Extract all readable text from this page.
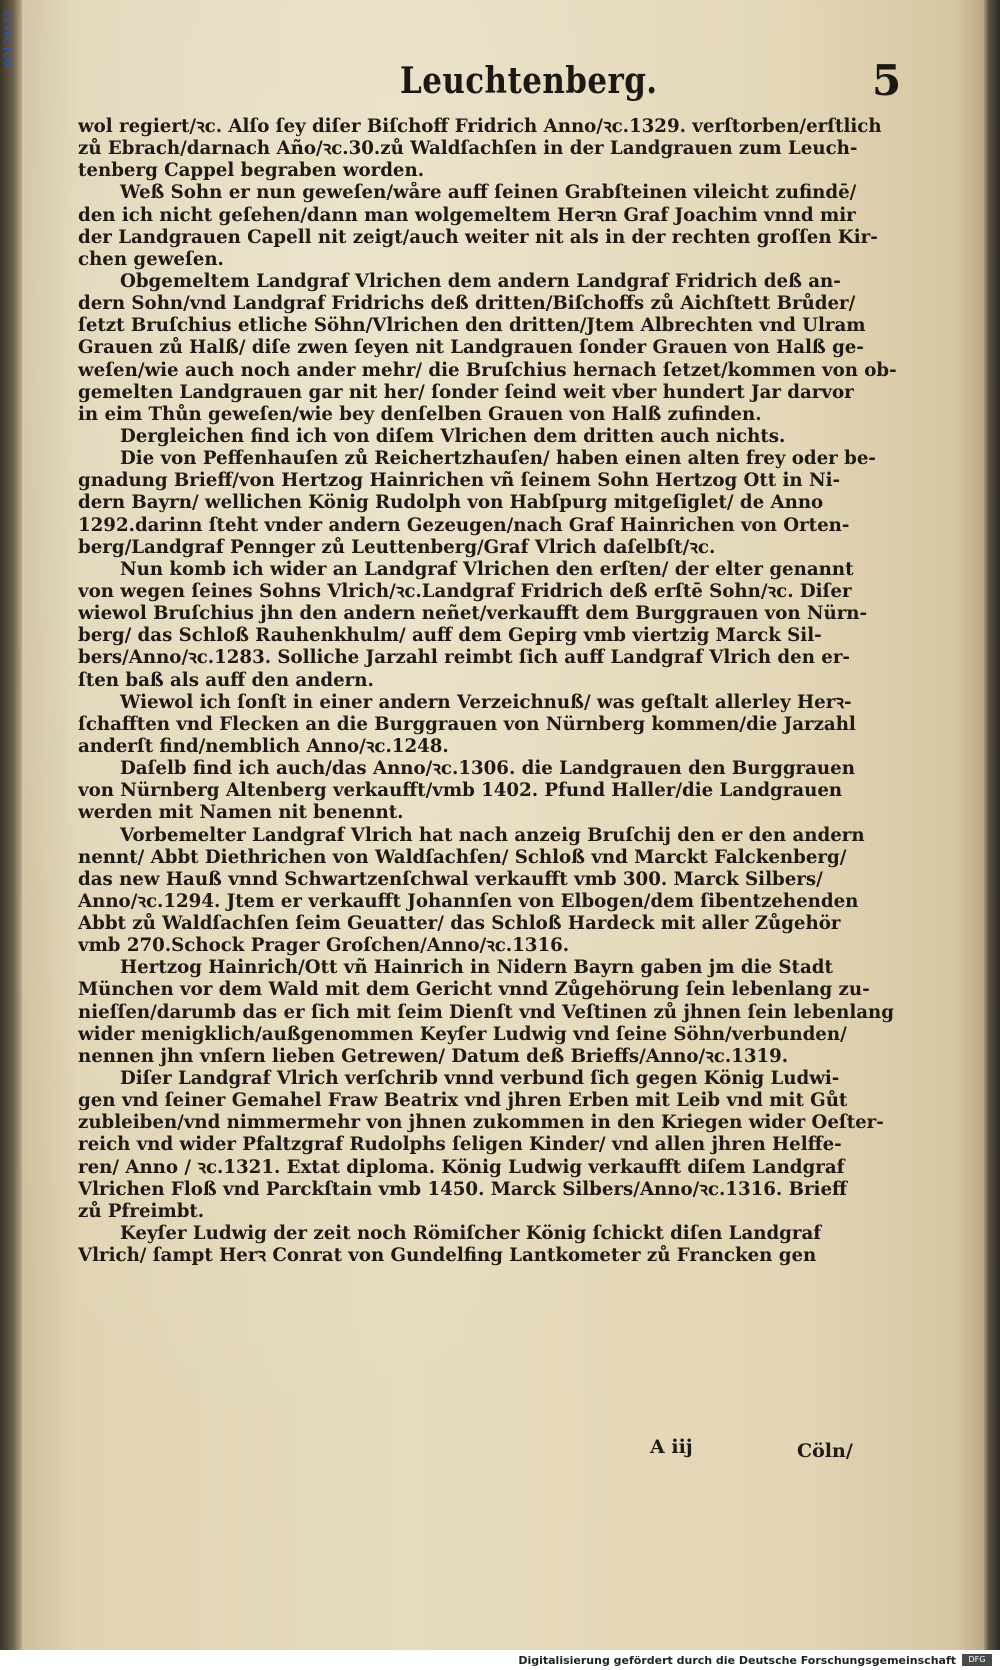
00103833
Leuchtenberg.	5
wol regiert/ꝛc. Alſo ſey diſer Biſchoff Fridrich Anno/ꝛc.1329. verſtorben/erſtlich
zů Ebrach/darnach Año/ꝛc.30.zů Waldſachſen in der Landgrauen zum Leuch-
tenberg Cappel begraben worden.
Weß Sohn er nun geweſen/wåre auff ſeinen Grabſteinen vileicht zufindē/
den ich nicht geſehen/dann man wolgemeltem Herꝛn Graf Joachim vnnd mir
der Landgrauen Capell nit zeigt/auch weiter nit als in der rechten groſſen Kir-
chen geweſen.
Obgemeltem Landgraf Vlrichen dem andern Landgraf Fridrich deß an-
dern Sohn/vnd Landgraf Fridrichs deß dritten/Biſchoffs zů Aichſtett Brůder/
ſetzt Bruſchius etliche Söhn/Vlrichen den dritten/Jtem Albrechten vnd Ulram
Grauen zů Halß/ diſe zwen ſeyen nit Landgrauen ſonder Grauen von Halß ge-
weſen/wie auch noch ander mehr/ die Bruſchius hernach ſetzet/kommen von ob-
gemelten Landgrauen gar nit her/ ſonder ſeind weit vber hundert Jar darvor
in eim Thůn geweſen/wie bey denſelben Grauen von Halß zufinden.
Dergleichen find ich von diſem Vlrichen dem dritten auch nichts.
Die von Peffenhauſen zů Reichertzhauſen/ haben einen alten frey oder be-
gnadung Brieff/von Hertzog Hainrichen vñ ſeinem Sohn Hertzog Ott in Ni-
dern Bayrn/ wellichen König Rudolph von Habſpurg mitgeſiglet/ de Anno
1292.darinn ſteht vnder andern Gezeugen/nach Graf Hainrichen von Orten-
berg/Landgraf Pennger zů Leuttenberg/Graf Vlrich daſelbſt/ꝛc.
Nun komb ich wider an Landgraf Vlrichen den erſten/ der elter genannt
von wegen ſeines Sohns Vlrich/ꝛc.Landgraf Fridrich deß erſtē Sohn/ꝛc. Diſer
wiewol Bruſchius jhn den andern neñet/verkaufft dem Burggrauen von Nürn-
berg/ das Schloß Rauhenkhulm/ auff dem Gepirg vmb viertzig Marck Sil-
bers/Anno/ꝛc.1283. Solliche Jarzahl reimbt ſich auff Landgraf Vlrich den er-
ſten baß als auff den andern.
Wiewol ich ſonſt in einer andern Verzeichnuß/ was geſtalt allerley Herꝛ-
ſchafften vnd Flecken an die Burggrauen von Nürnberg kommen/die Jarzahl
anderſt find/nemblich Anno/ꝛc.1248.
Daſelb find ich auch/das Anno/ꝛc.1306. die Landgrauen den Burggrauen
von Nürnberg Altenberg verkaufft/vmb 1402. Pfund Haller/die Landgrauen
werden mit Namen nit benennt.
Vorbemelter Landgraf Vlrich hat nach anzeig Bruſchij den er den andern
nennt/ Abbt Diethrichen von Waldſachſen/ Schloß vnd Marckt Falckenberg/
das new Hauß vnnd Schwartzenſchwal verkaufft vmb 300. Marck Silbers/
Anno/ꝛc.1294. Jtem er verkaufft Johannſen von Elbogen/dem ſibentzehenden
Abbt zů Waldſachſen ſeim Geuatter/ das Schloß Hardeck mit aller Zůgehör
vmb 270.Schock Prager Groſchen/Anno/ꝛc.1316.
Hertzog Hainrich/Ott vñ Hainrich in Nidern Bayrn gaben jm die Stadt
München vor dem Wald mit dem Gericht vnnd Zůgehörung ſein lebenlang zu-
nieſſen/darumb das er ſich mit ſeim Dienſt vnd Veſtinen zů jhnen ſein lebenlang
wider menigklich/außgenommen Keyſer Ludwig vnd ſeine Söhn/verbunden/
nennen jhn vnſern lieben Getrewen/ Datum deß Brieffs/Anno/ꝛc.1319.
Diſer Landgraf Vlrich verſchrib vnnd verbund ſich gegen König Ludwi-
gen vnd ſeiner Gemahel Fraw Beatrix vnd jhren Erben mit Leib vnd mit Gůt
zubleiben/vnd nimmermehr von jhnen zukommen in den Kriegen wider Oeſter-
reich vnd wider Pfaltzgraf Rudolphs ſeligen Kinder/ vnd allen jhren Helffe-
ren/ Anno / ꝛc.1321. Extat diploma. König Ludwig verkaufft diſem Landgraf
Vlrichen Floß vnd Parckſtain vmb 1450. Marck Silbers/Anno/ꝛc.1316. Brieff
zů Pfreimbt.
Keyſer Ludwig der zeit noch Römiſcher König ſchickt diſen Landgraf
Vlrich/ ſampt Herꝛ Conrat von Gundelfing Lantkometer zů Francken gen
A iij	Cöln/
Digitalisierung gefördert durch die Deutsche Forschungsgemeinschaft	DFG
